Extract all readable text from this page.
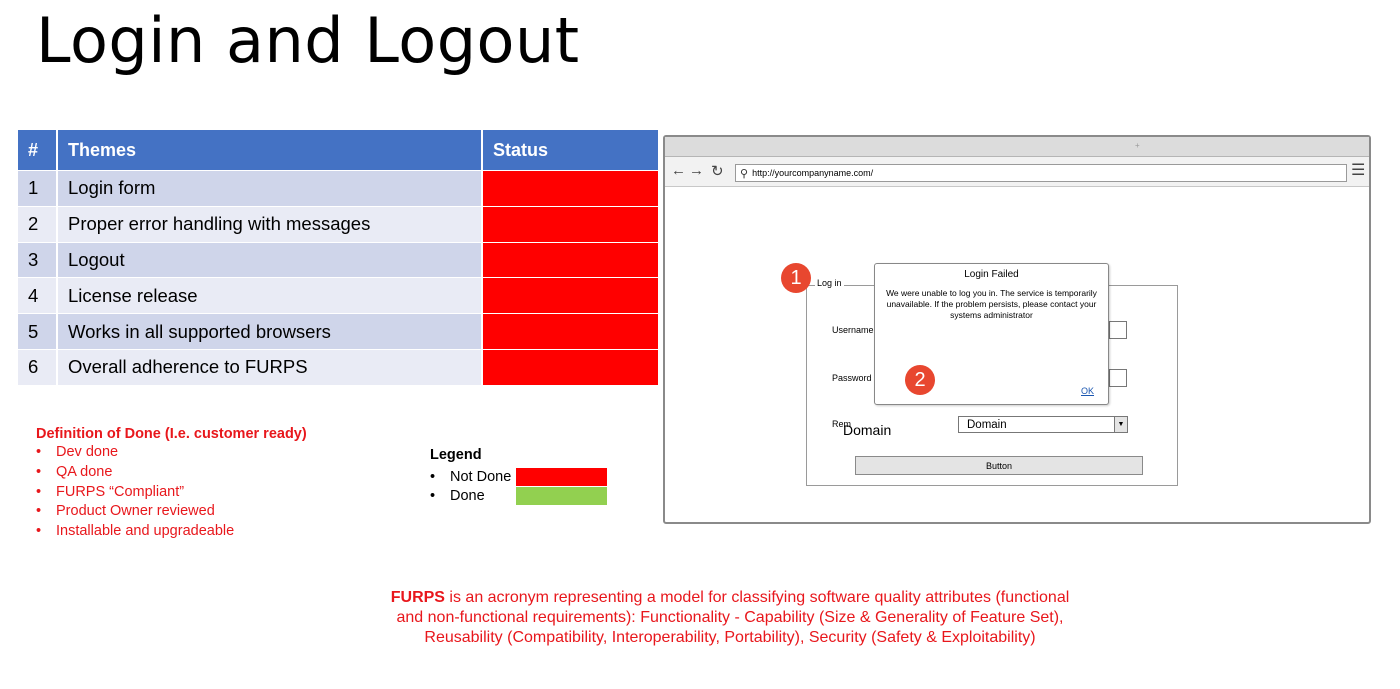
Login and Logout
#	Themes	Status
1	Login form
2	Proper error handling with messages
3	Logout
4	License release
5	Works in all supported browsers
6	Overall adherence to FURPS
Definition of Done (I.e. customer ready)
• Dev done
• QA done
• FURPS “Compliant”
• Product Owner reviewed
• Installable and upgradeable
Legend
•	Not Done
•	Done
FURPS is an acronym representing a model for classifying software quality attributes (functional and non-functional requirements): Functionality - Capability (Size & Generality of Feature Set), Reusability (Compatibility, Interoperability, Portability), Security (Safety & Exploitability)
+
← → ↻ ⚲ http://yourcompanyname.com/	☰
Log in
Username
Password
Rem
Domain	Domain	▼
Button
Login Failed
We were unable to log you in. The service is temporarily unavailable. If the problem persists, please contact your systems administrator
OK
1
2
